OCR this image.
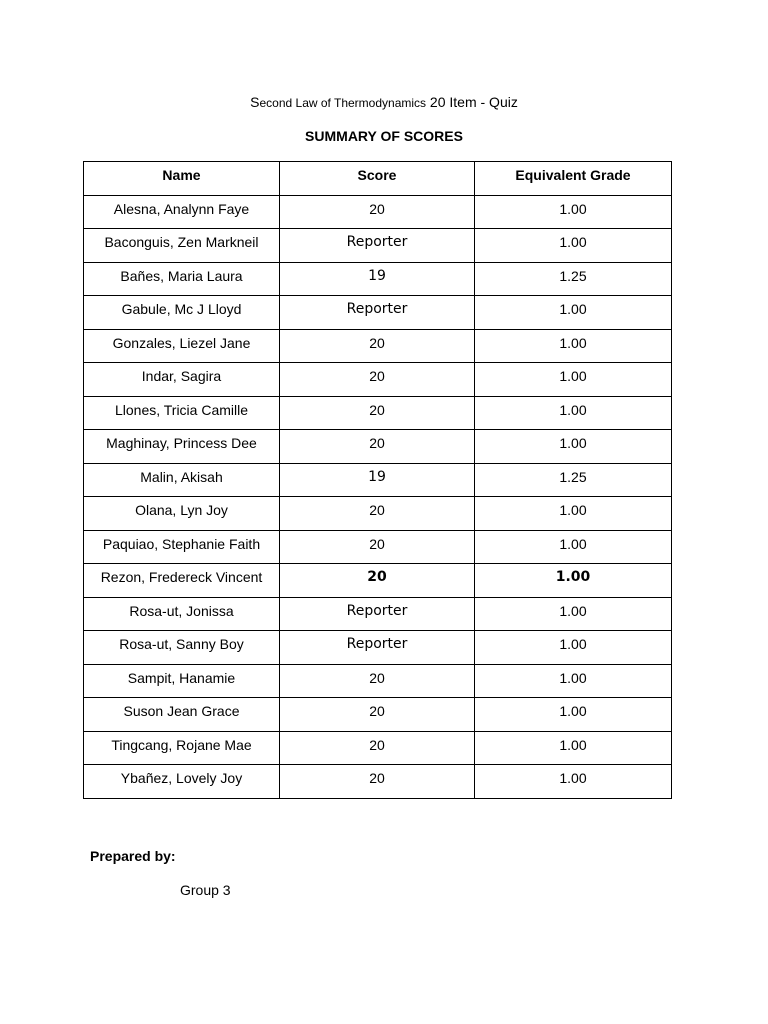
Second Law of Thermodynamics 20 Item - Quiz
SUMMARY OF SCORES
Name	Score	Equivalent Grade
Alesna, Analynn Faye	20	1.00
Baconguis, Zen Markneil	Reporter	1.00
Bañes, Maria Laura	19	1.25
Gabule, Mc J Lloyd	Reporter	1.00
Gonzales, Liezel Jane	20	1.00
Indar, Sagira	20	1.00
Llones, Tricia Camille	20	1.00
Maghinay, Princess Dee	20	1.00
Malin, Akisah	19	1.25
Olana, Lyn Joy	20	1.00
Paquiao, Stephanie Faith	20	1.00
Rezon, Fredereck Vincent	20	1.00
Rosa-ut, Jonissa	Reporter	1.00
Rosa-ut, Sanny Boy	Reporter	1.00
Sampit, Hanamie	20	1.00
Suson Jean Grace	20	1.00
Tingcang, Rojane Mae	20	1.00
Ybañez, Lovely Joy	20	1.00
Prepared by:
Group 3
